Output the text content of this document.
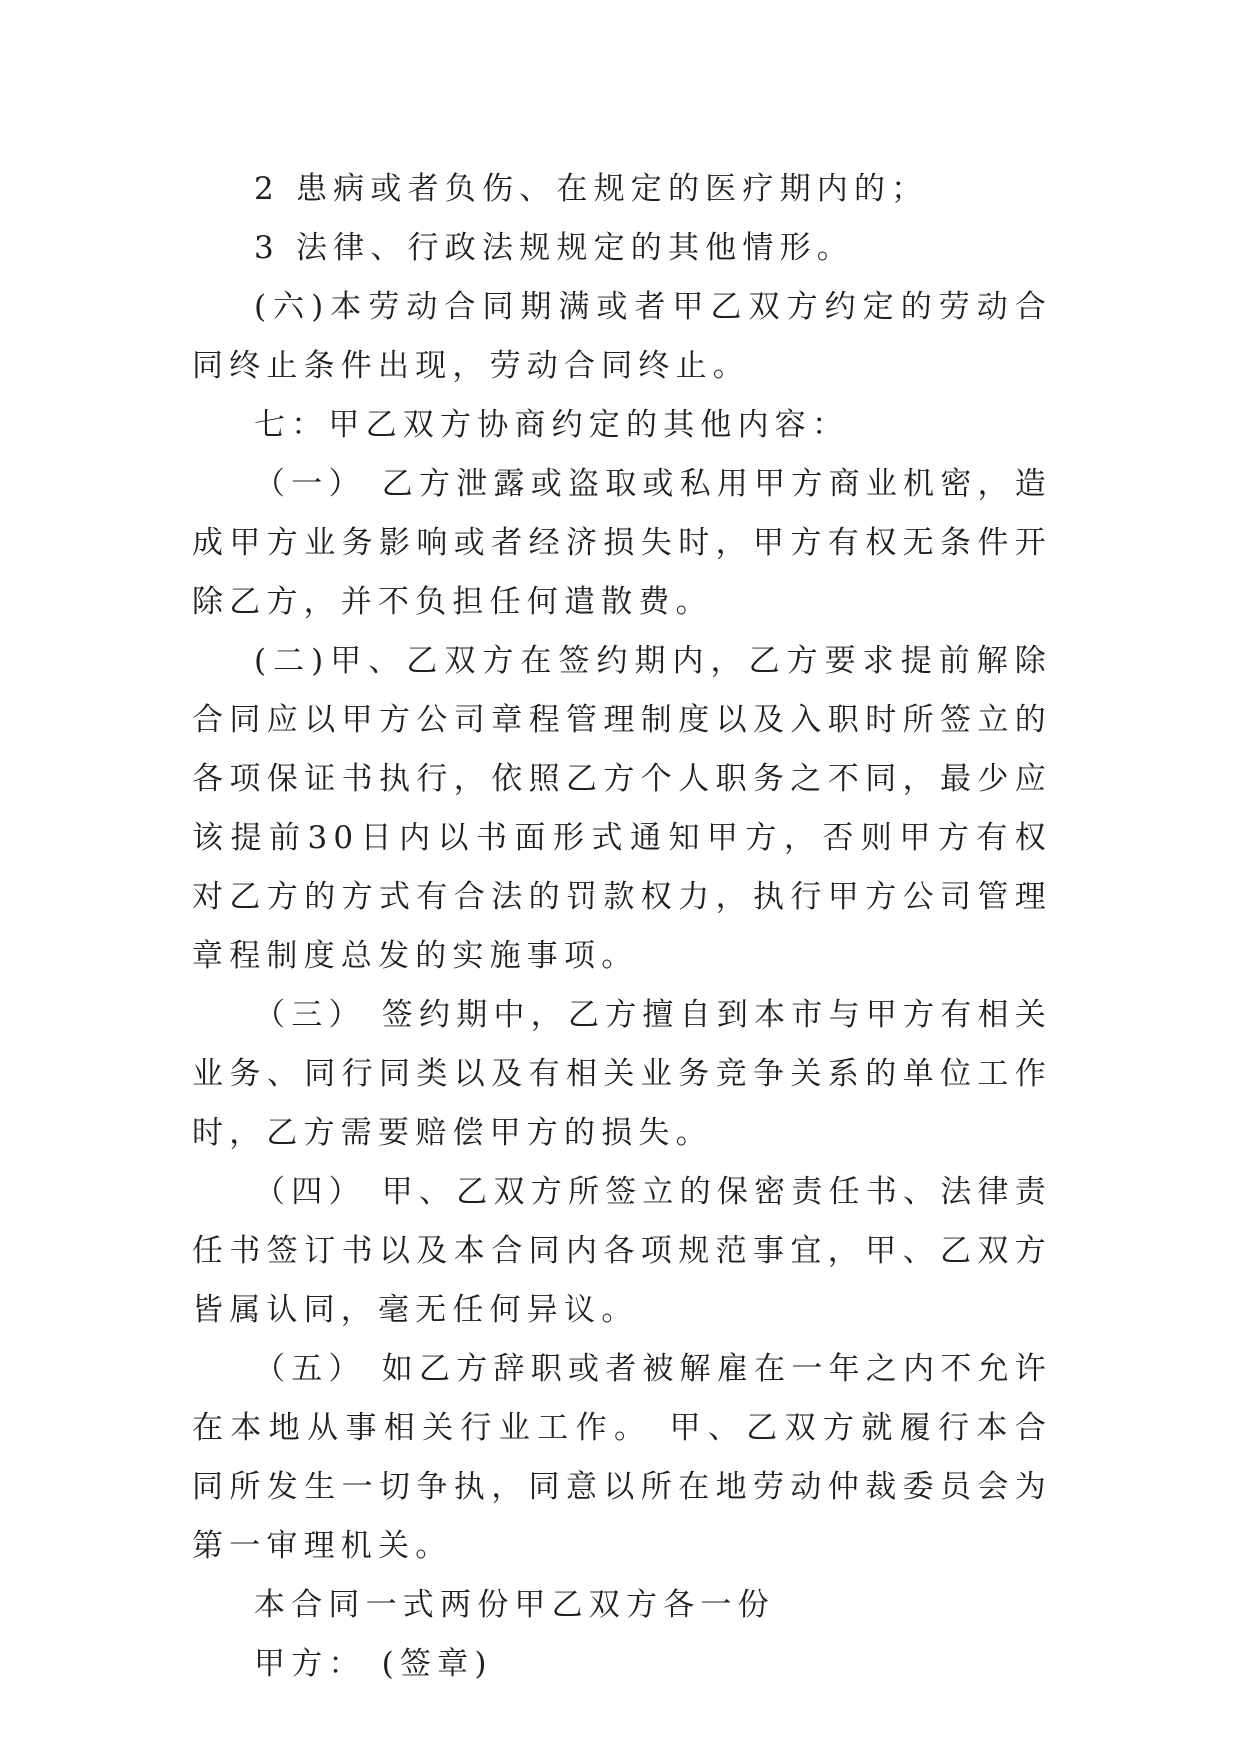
2 患病或者负伤、在规定的医疗期内的；

3 法律、行政法规规定的其他情形。

(六)本劳动合同期满或者甲乙双方约定的劳动合同终止条件出现，劳动合同终止。

七：甲乙双方协商约定的其他内容：

（一） 乙方泄露或盗取或私用甲方商业机密，造成甲方业务影响或者经济损失时，甲方有权无条件开除乙方，并不负担任何遣散费。

(二)甲、乙双方在签约期内，乙方要求提前解除合同应以甲方公司章程管理制度以及入职时所签立的各项保证书执行，依照乙方个人职务之不同，最少应该提前30日内以书面形式通知甲方，否则甲方有权对乙方的方式有合法的罚款权力，执行甲方公司管理章程制度总发的实施事项。

（三） 签约期中，乙方擅自到本市与甲方有相关业务、同行同类以及有相关业务竞争关系的单位工作时，乙方需要赔偿甲方的损失。

（四） 甲、乙双方所签立的保密责任书、法律责任书签订书以及本合同内各项规范事宜，甲、乙双方皆属认同，毫无任何异议。

（五） 如乙方辞职或者被解雇在一年之内不允许在本地从事相关行业工作。 甲、乙双方就履行本合同所发生一切争执，同意以所在地劳动仲裁委员会为第一审理机关。

本合同一式两份甲乙双方各一份

甲方： (签章)
